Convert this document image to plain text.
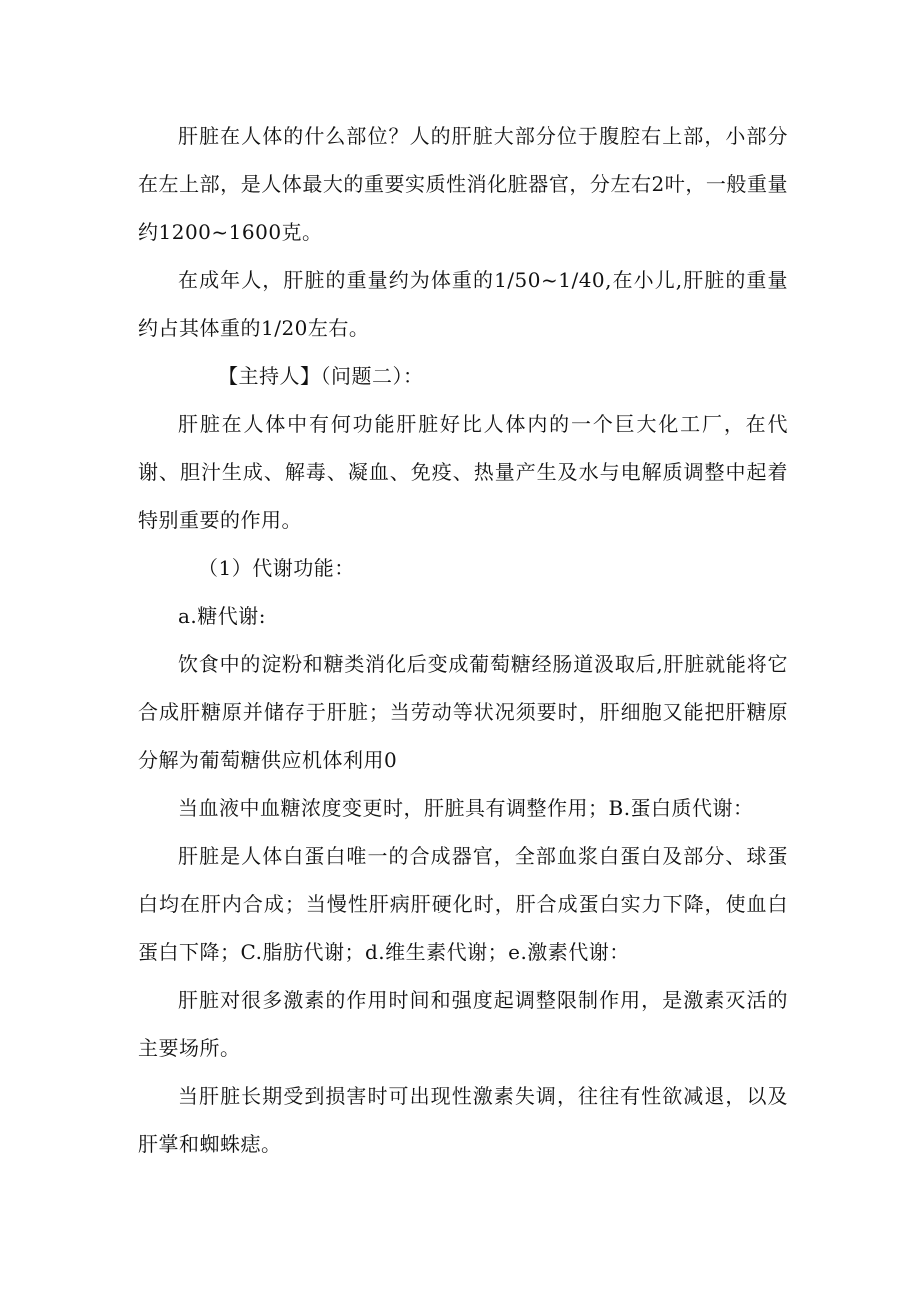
肝脏在人体的什么部位？人的肝脏大部分位于腹腔右上部，小部分在左上部，是人体最大的重要实质性消化脏器官，分左右2叶，一般重量约1200~1600克。

在成年人，肝脏的重量约为体重的1/50~1/40,在小儿,肝脏的重量约占其体重的1/20左右。

【主持人】（问题二）：

肝脏在人体中有何功能肝脏好比人体内的一个巨大化工厂，在代谢、胆汁生成、解毒、凝血、免疫、热量产生及水与电解质调整中起着特别重要的作用。

（1）代谢功能：

a.糖代谢:

饮食中的淀粉和糖类消化后变成葡萄糖经肠道汲取后,肝脏就能将它合成肝糖原并储存于肝脏；当劳动等状况须要时，肝细胞又能把肝糖原分解为葡萄糖供应机体利用0

当血液中血糖浓度变更时，肝脏具有调整作用；B.蛋白质代谢：

肝脏是人体白蛋白唯一的合成器官，全部血浆白蛋白及部分、球蛋白均在肝内合成；当慢性肝病肝硬化时，肝合成蛋白实力下降，使血白蛋白下降；C.脂肪代谢；d.维生素代谢；e.激素代谢：

肝脏对很多激素的作用时间和强度起调整限制作用，是激素灭活的主要场所。

当肝脏长期受到损害时可出现性激素失调，往往有性欲减退，以及肝掌和蜘蛛痣。
